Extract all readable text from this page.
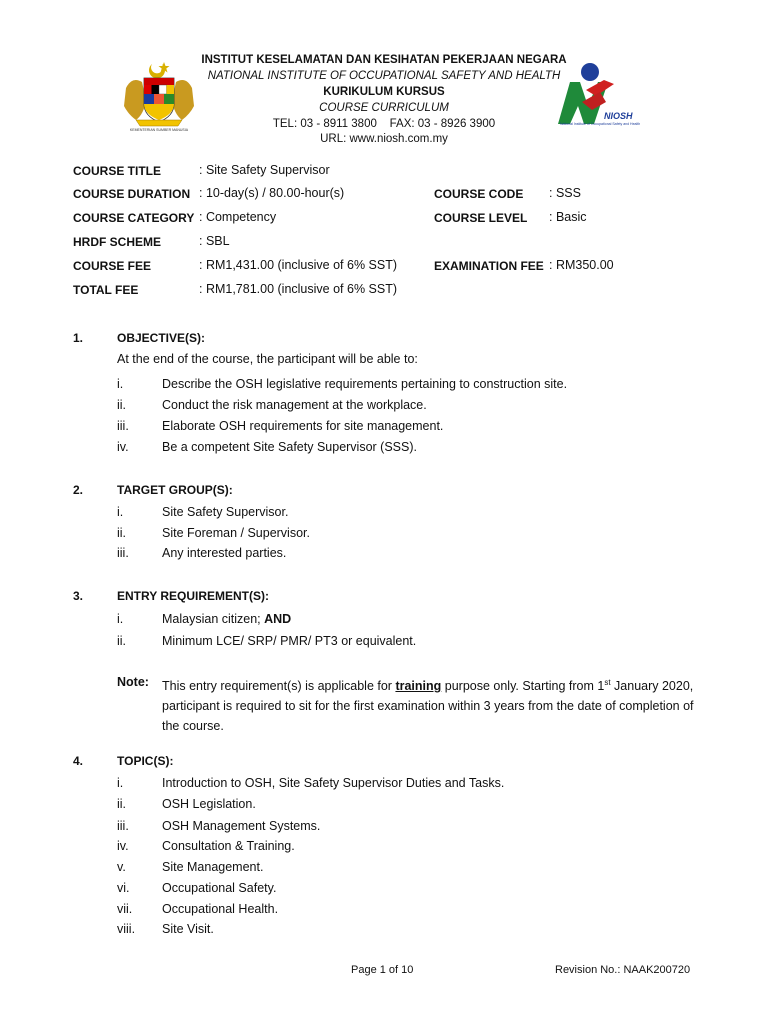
KEMENTERIAN SUMBER MANUSIA
NIOSH
National Institute of Occupational Safety and Health
INSTITUT KESELAMATAN DAN KESIHATAN PEKERJAAN NEGARA
NATIONAL INSTITUTE OF OCCUPATIONAL SAFETY AND HEALTH
KURIKULUM KURSUS
COURSE CURRICULUM
TEL: 03 - 8911 3800 FAX: 03 - 8926 3900
URL: www.niosh.com.my
COURSE TITLE	: Site Safety Supervisor
COURSE DURATION : 10-day(s) / 80.00-hour(s)	COURSE CODE : SSS
COURSE CATEGORY : Competency	COURSE LEVEL : Basic
HRDF SCHEME	: SBL
COURSE FEE	: RM1,431.00 (inclusive of 6% SST)	EXAMINATION FEE : RM350.00
TOTAL FEE	: RM1,781.00 (inclusive of 6% SST)
1.	OBJECTIVE(S):
At the end of the course, the participant will be able to:
i.	Describe the OSH legislative requirements pertaining to construction site.
ii.	Conduct the risk management at the workplace.
iii.	Elaborate OSH requirements for site management.
iv.	Be a competent Site Safety Supervisor (SSS).
2.	TARGET GROUP(S):
i.	Site Safety Supervisor.
ii.	Site Foreman / Supervisor.
iii.	Any interested parties.
3.	ENTRY REQUIREMENT(S):
i.	Malaysian citizen; AND
ii.	Minimum LCE/ SRP/ PMR/ PT3 or equivalent.
Note: This entry requirement(s) is applicable for training purpose only. Starting from 1st January 2020, participant is required to sit for the first examination within 3 years from the date of completion of the course.
4.	TOPIC(S):
i.	Introduction to OSH, Site Safety Supervisor Duties and Tasks.
ii.	OSH Legislation.
iii.	OSH Management Systems.
iv.	Consultation & Training.
v.	Site Management.
vi.	Occupational Safety.
vii. Occupational Health.
viii. Site Visit.
Page 1 of 10	Revision No.: NAAK200720
